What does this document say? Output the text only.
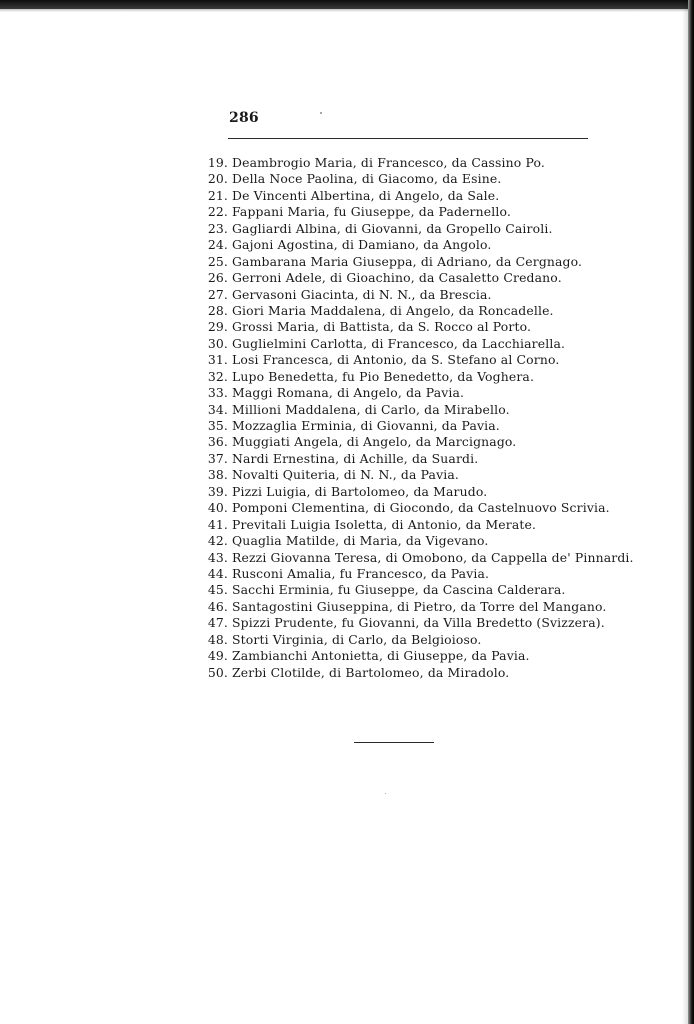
286
19. Deambrogio Maria, di Francesco, da Cassino Po.
20. Della Noce Paolina, di Giacomo, da Esine.
21. De Vincenti Albertina, di Angelo, da Sale.
22. Fappani Maria, fu Giuseppe, da Padernello.
23. Gagliardi Albina, di Giovanni, da Gropello Cairoli.
24. Gajoni Agostina, di Damiano, da Angolo.
25. Gambarana Maria Giuseppa, di Adriano, da Cergnago.
26. Gerroni Adele, di Gioachino, da Casaletto Credano.
27. Gervasoni Giacinta, di N. N., da Brescia.
28. Giori Maria Maddalena, di Angelo, da Roncadelle.
29. Grossi Maria, di Battista, da S. Rocco al Porto.
30. Guglielmini Carlotta, di Francesco, da Lacchiarella.
31. Losi Francesca, di Antonio, da S. Stefano al Corno.
32. Lupo Benedetta, fu Pio Benedetto, da Voghera.
33. Maggi Romana, di Angelo, da Pavia.
34. Millioni Maddalena, di Carlo, da Mirabello.
35. Mozzaglia Erminia, di Giovanni, da Pavia.
36. Muggiati Angela, di Angelo, da Marcignago.
37. Nardi Ernestina, di Achille, da Suardi.
38. Novalti Quiteria, di N. N., da Pavia.
39. Pizzi Luigia, di Bartolomeo, da Marudo.
40. Pomponi Clementina, di Giocondo, da Castelnuovo Scrivia.
41. Previtali Luigia Isoletta, di Antonio, da Merate.
42. Quaglia Matilde, di Maria, da Vigevano.
43. Rezzi Giovanna Teresa, di Omobono, da Cappella de' Pinnardi.
44. Rusconi Amalia, fu Francesco, da Pavia.
45. Sacchi Erminia, fu Giuseppe, da Cascina Calderara.
46. Santagostini Giuseppina, di Pietro, da Torre del Mangano.
47. Spizzi Prudente, fu Giovanni, da Villa Bredetto (Svizzera).
48. Storti Virginia, di Carlo, da Belgioioso.
49. Zambianchi Antonietta, di Giuseppe, da Pavia.
50. Zerbi Clotilde, di Bartolomeo, da Miradolo.
